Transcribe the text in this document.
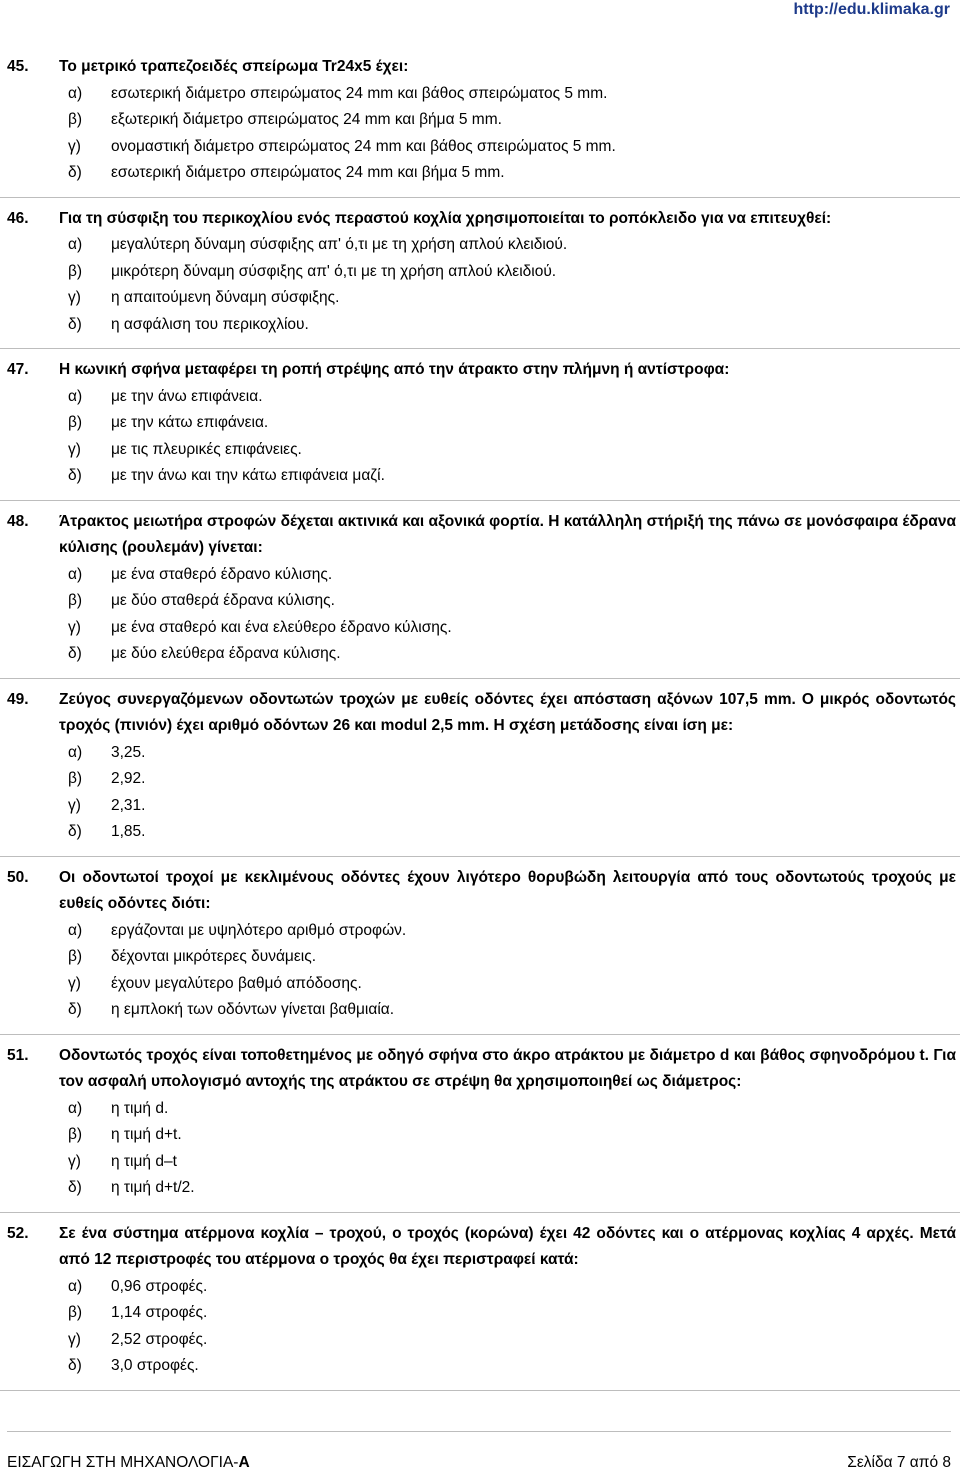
http://edu.klimaka.gr
45. Το μετρικό τραπεζοειδές σπείρωμα Tr24x5 έχει:
α) εσωτερική διάμετρο σπειρώματος 24 mm και βάθος σπειρώματος 5 mm.
β) εξωτερική διάμετρο σπειρώματος 24 mm και βήμα 5 mm.
γ) ονομαστική διάμετρο σπειρώματος 24 mm και βάθος σπειρώματος 5 mm.
δ) εσωτερική διάμετρο σπειρώματος 24 mm και βήμα 5 mm.
46. Για τη σύσφιξη του περικοχλίου ενός περαστού κοχλία χρησιμοποιείται το ροπόκλειδο για να επιτευχθεί:
α) μεγαλύτερη δύναμη σύσφιξης απ' ό,τι με τη χρήση απλού κλειδιού.
β) μικρότερη δύναμη σύσφιξης απ' ό,τι με τη χρήση απλού κλειδιού.
γ) η απαιτούμενη δύναμη σύσφιξης.
δ) η ασφάλιση του περικοχλίου.
47. Η κωνική σφήνα μεταφέρει τη ροπή στρέψης από την άτρακτο στην πλήμνη ή αντίστροφα:
α) με την άνω επιφάνεια.
β) με την κάτω επιφάνεια.
γ) με τις πλευρικές επιφάνειες.
δ) με την άνω και την κάτω επιφάνεια μαζί.
48. Άτρακτος μειωτήρα στροφών δέχεται ακτινικά και αξονικά φορτία. Η κατάλληλη στήριξή της πάνω σε μονόσφαιρα έδρανα κύλισης (ρουλεμάν) γίνεται:
α) με ένα σταθερό έδρανο κύλισης.
β) με δύο σταθερά έδρανα κύλισης.
γ) με ένα σταθερό και ένα ελεύθερο έδρανο κύλισης.
δ) με δύο ελεύθερα έδρανα κύλισης.
49. Ζεύγος συνεργαζόμενων οδοντωτών τροχών με ευθείς οδόντες έχει απόσταση αξόνων 107,5 mm. Ο μικρός οδοντωτός τροχός (πινιόν) έχει αριθμό οδόντων 26 και modul 2,5 mm. Η σχέση μετάδοσης είναι ίση με:
α) 3,25.
β) 2,92.
γ) 2,31.
δ) 1,85.
50. Οι οδοντωτοί τροχοί με κεκλιμένους οδόντες έχουν λιγότερο θορυβώδη λειτουργία από τους οδοντωτούς τροχούς με ευθείς οδόντες διότι:
α) εργάζονται με υψηλότερο αριθμό στροφών.
β) δέχονται μικρότερες δυνάμεις.
γ) έχουν μεγαλύτερο βαθμό απόδοσης.
δ) η εμπλοκή των οδόντων γίνεται βαθμιαία.
51. Οδοντωτός τροχός είναι τοποθετημένος με οδηγό σφήνα στο άκρο ατράκτου με διάμετρο d και βάθος σφηνοδρόμου t. Για τον ασφαλή υπολογισμό αντοχής της ατράκτου σε στρέψη θα χρησιμοποιηθεί ως διάμετρος:
α) η τιμή d.
β) η τιμή d+t.
γ) η τιμή d–t
δ) η τιμή d+t/2.
52. Σε ένα σύστημα ατέρμονα κοχλία – τροχού, ο τροχός (κορώνα) έχει 42 οδόντες και ο ατέρμονας κοχλίας 4 αρχές. Μετά από 12 περιστροφές του ατέρμονα ο τροχός θα έχει περιστραφεί κατά:
α) 0,96 στροφές.
β) 1,14 στροφές.
γ) 2,52 στροφές.
δ) 3,0 στροφές.
ΕΙΣΑΓΩΓΗ ΣΤΗ ΜΗΧΑΝΟΛΟΓΙΑ-Α	Σελίδα 7 από 8
